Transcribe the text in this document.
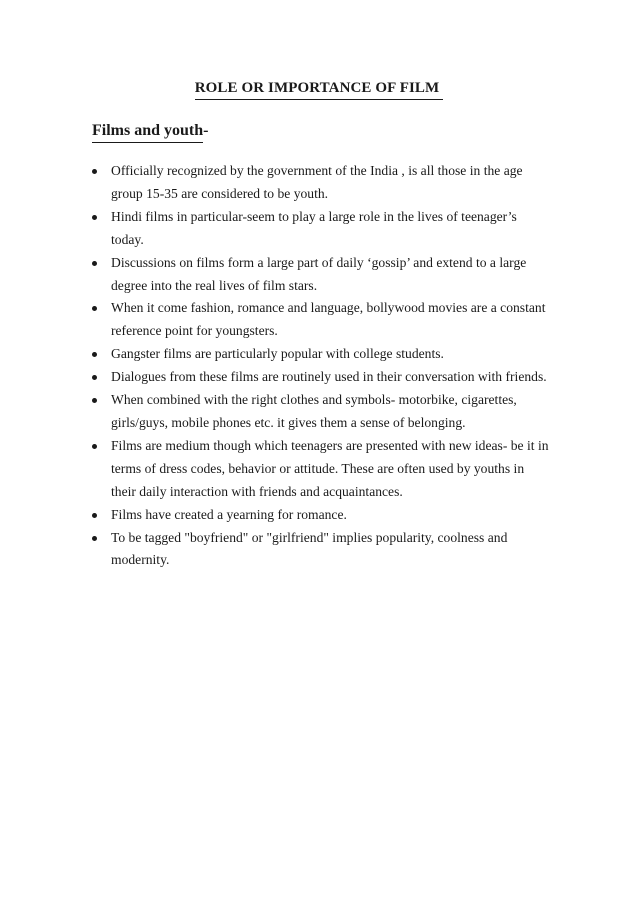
ROLE OR IMPORTANCE OF FILM
Films and youth-
Officially recognized by the government of the India , is all those in the age group 15-35 are considered to be youth.
Hindi films in particular-seem to play a large role in the lives of teenager’s today.
Discussions on films form a large part of daily ‘gossip’ and extend to a large degree into the real lives of film stars.
When it come fashion, romance and language, bollywood movies are a constant reference point for youngsters.
Gangster films are particularly popular with college students.
Dialogues from these films are routinely used in their conversation with friends.
When combined with the right clothes and symbols- motorbike, cigarettes, girls/guys, mobile phones etc. it gives them a sense of belonging.
Films are medium though which teenagers are presented with new ideas- be it in terms of dress codes, behavior or attitude. These are often used by youths in their daily interaction with friends and acquaintances.
Films have created a yearning for romance.
To be tagged "boyfriend" or "girlfriend" implies popularity, coolness and modernity.
